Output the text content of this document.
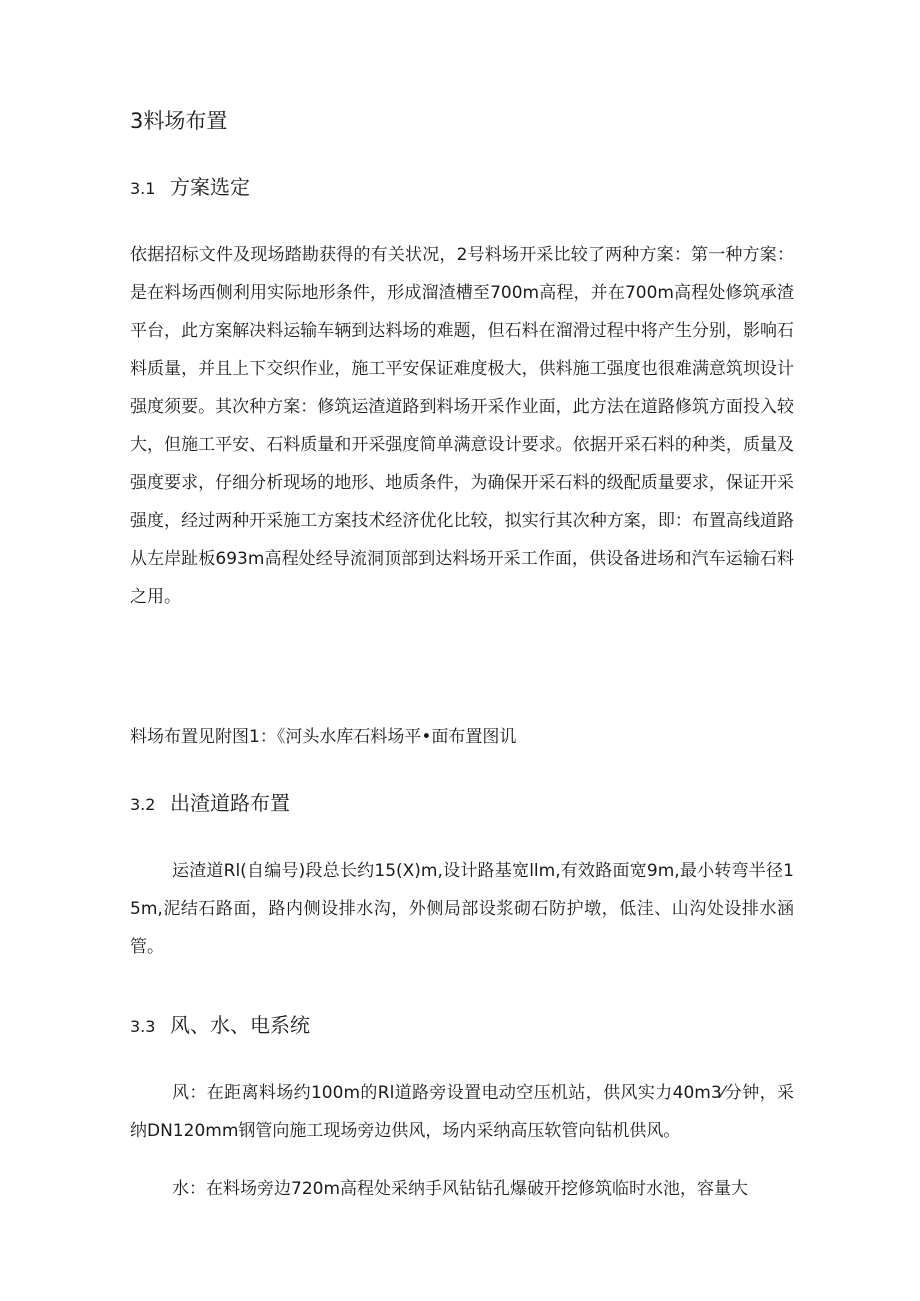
3料场布置
3.1 方案选定
依据招标文件及现场踏勘获得的有关状况，2号料场开采比较了两种方案：第一种方案：是在料场西侧利用实际地形条件，形成溜渣槽至700m高程，并在700m高程处修筑承渣平台，此方案解决料运输车辆到达料场的难题，但石料在溜滑过程中将产生分别，影响石料质量，并且上下交织作业，施工平安保证难度极大，供料施工强度也很难满意筑坝设计强度须要。其次种方案：修筑运渣道路到料场开采作业面，此方法在道路修筑方面投入较大，但施工平安、石料质量和开采强度简单满意设计要求。依据开采石料的种类，质量及强度要求，仔细分析现场的地形、地质条件，为确保开采石料的级配质量要求，保证开采强度，经过两种开采施工方案技术经济优化比较，拟实行其次种方案，即：布置高线道路从左岸趾板693m高程处经导流洞顶部到达料场开采工作面，供设备进场和汽车运输石料之用。
料场布置见附图1：《河头水库石料场平•面布置图讥
3.2 出渣道路布置
运渣道Rl(自编号)段总长约15(X)m,设计路基宽llm,有效路面宽9m,最小转弯半径15m,泥结石路面，路内侧设排水沟，外侧局部设浆砌石防护墩，低洼、山沟处设排水涵管。
3.3 风、水、电系统
风：在距离料场约100m的Rl道路旁设置电动空压机站，供风实力40m3⁄分钟，采纳DN120mm钢管向施工现场旁边供风，场内采纳高压软管向钻机供风。
水：在料场旁边720m高程处采纳手风钻钻孔爆破开挖修筑临时水池，容量大
